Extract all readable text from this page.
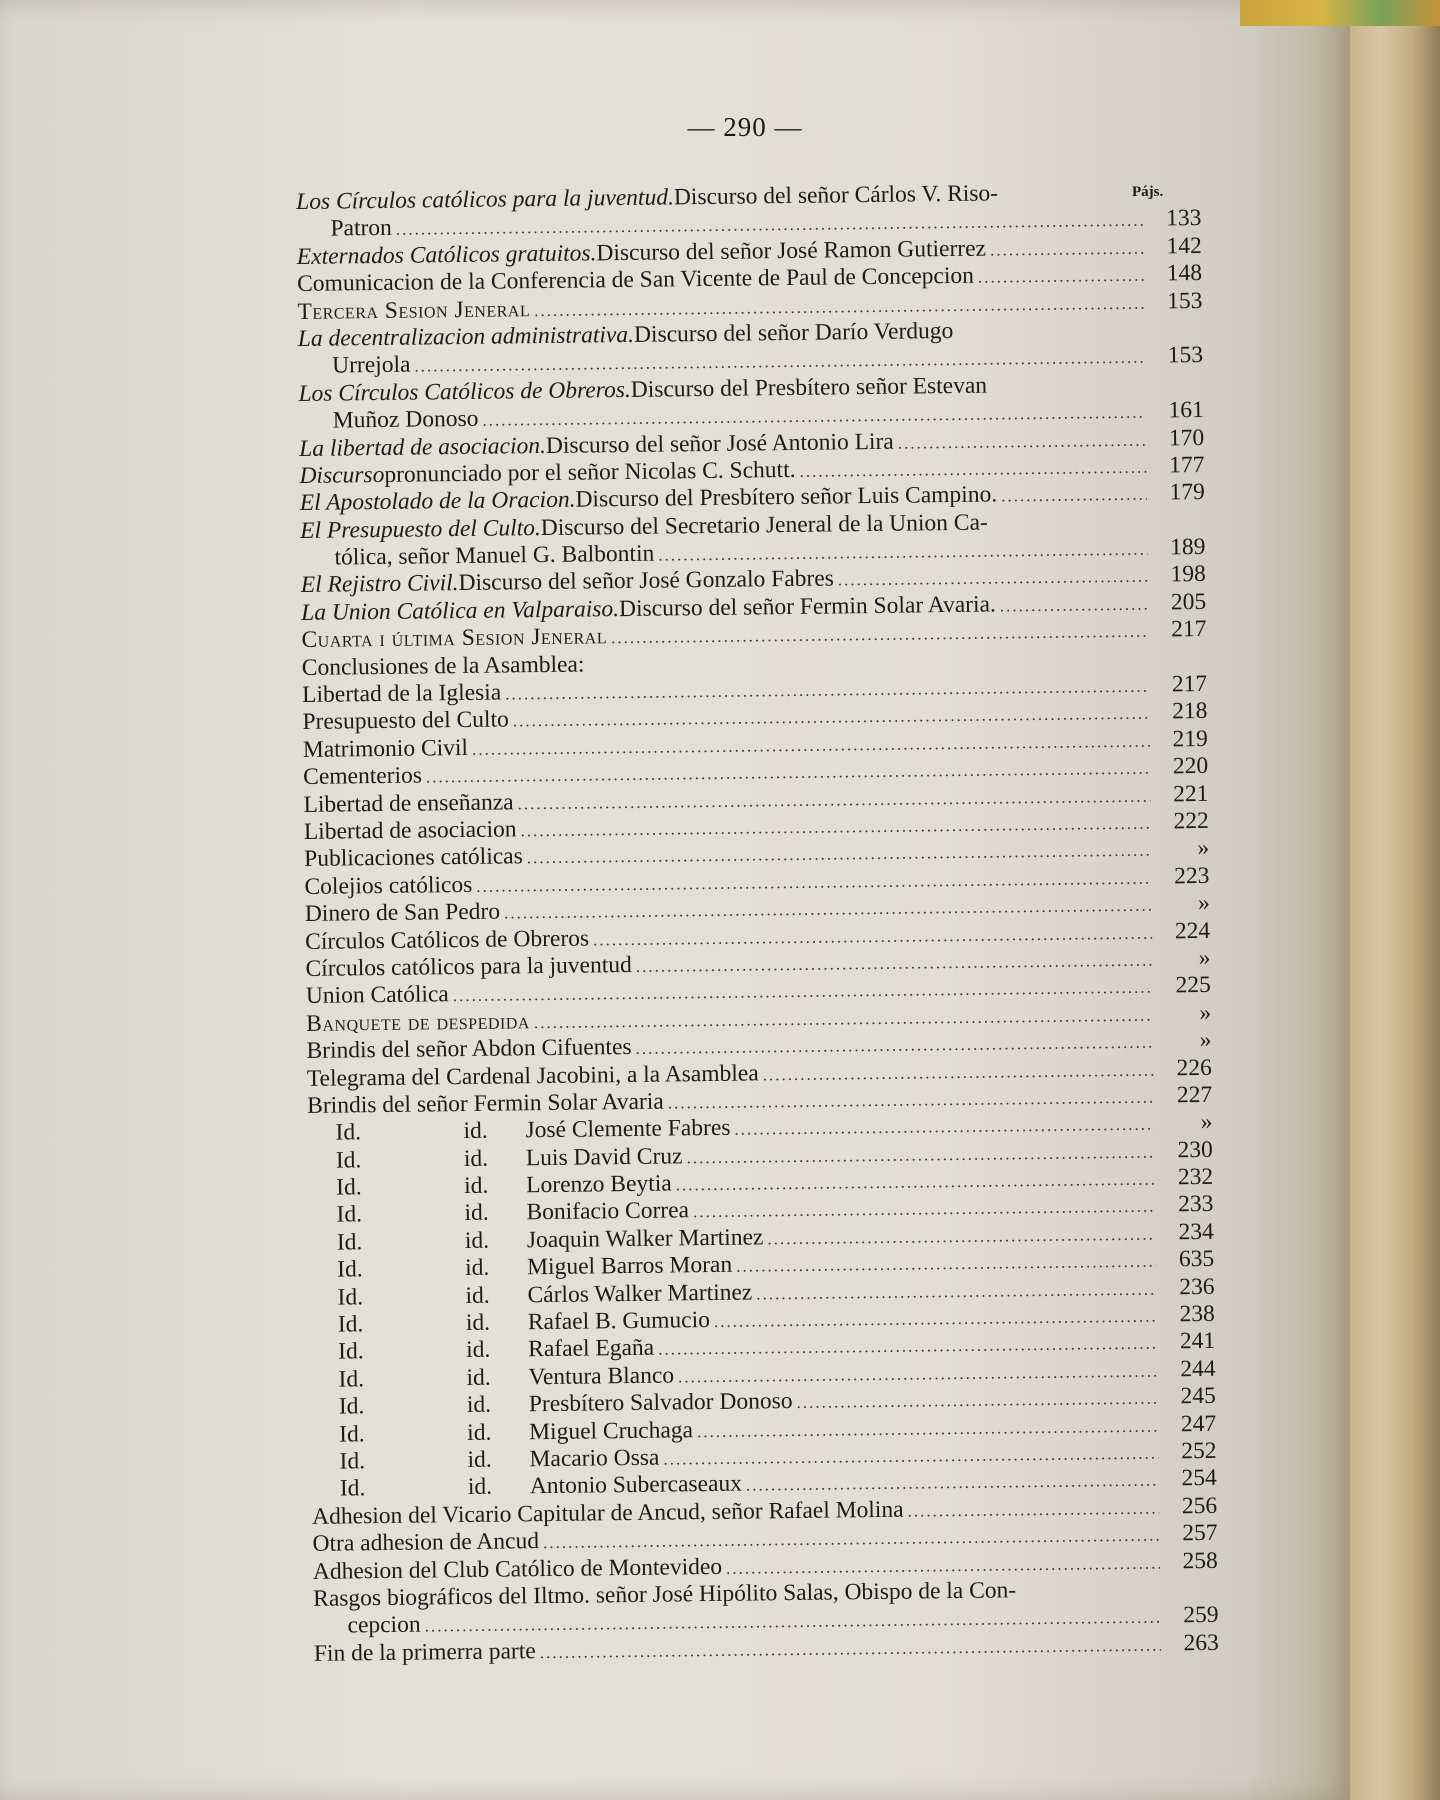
— 290 —
Pájs.
Los Círculos católicos para la juventud. Discurso del señor Cárlos V. Riso-
Patron .....	133
Externados Católicos gratuitos. Discurso del señor José Ramon Gutierrez .....	142
Comunicacion de la Conferencia de San Vicente de Paul de Concepcion .....	148
Tercera Sesion Jeneral .....	153
La decentralizacion administrativa. Discurso del señor Darío Verdugo
Urrejola .....	153
Los Círculos Católicos de Obreros. Discurso del Presbítero señor Estevan
Muñoz Donoso .....	161
La libertad de asociacion. Discurso del señor José Antonio Lira .....	170
Discurso pronunciado por el señor Nicolas C. Schutt. .....	177
El Apostolado de la Oracion. Discurso del Presbítero señor Luis Campino. .....	179
El Presupuesto del Culto. Discurso del Secretario Jeneral de la Union Ca-
tólica, señor Manuel G. Balbontin .....	189
El Rejistro Civil. Discurso del señor José Gonzalo Fabres .....	198
La Union Católica en Valparaiso. Discurso del señor Fermin Solar Avaria. .....	205
Cuarta i última Sesion Jeneral .....	217
Conclusiones de la Asamblea:
Libertad de la Iglesia .....	217
Presupuesto del Culto .....	218
Matrimonio Civil .....	219
Cementerios .....	220
Libertad de enseñanza .....	221
Libertad de asociacion .....	222
Publicaciones católicas .....	»
Colejios católicos .....	223
Dinero de San Pedro .....	»
Círculos Católicos de Obreros .....	224
Círculos católicos para la juventud .....	»
Union Católica .....	225
Banquete de despedida .....	»
Brindis del señor Abdon Cifuentes .....	»
Telegrama del Cardenal Jacobini, a la Asamblea .....	226
Brindis del señor Fermin Solar Avaria .....	227
Id.	id.	José Clemente Fabres .....	»
Id.	id.	Luis David Cruz .....	230
Id.	id.	Lorenzo Beytia .....	232
Id.	id.	Bonifacio Correa .....	233
Id.	id.	Joaquin Walker Martinez .....	234
Id.	id.	Miguel Barros Moran .....	635
Id.	id.	Cárlos Walker Martinez .....	236
Id.	id.	Rafael B. Gumucio .....	238
Id.	id.	Rafael Egaña .....	241
Id.	id.	Ventura Blanco .....	244
Id.	id.	Presbítero Salvador Donoso .....	245
Id.	id.	Miguel Cruchaga .....	247
Id.	id.	Macario Ossa .....	252
Id.	id.	Antonio Subercaseaux .....	254
Adhesion del Vicario Capitular de Ancud, señor Rafael Molina .....	256
Otra adhesion de Ancud .....	257
Adhesion del Club Católico de Montevideo .....	258
Rasgos biográficos del Iltmo. señor José Hipólito Salas, Obispo de la Con-
cepcion .....	259
Fin de la primerra parte .....	263
